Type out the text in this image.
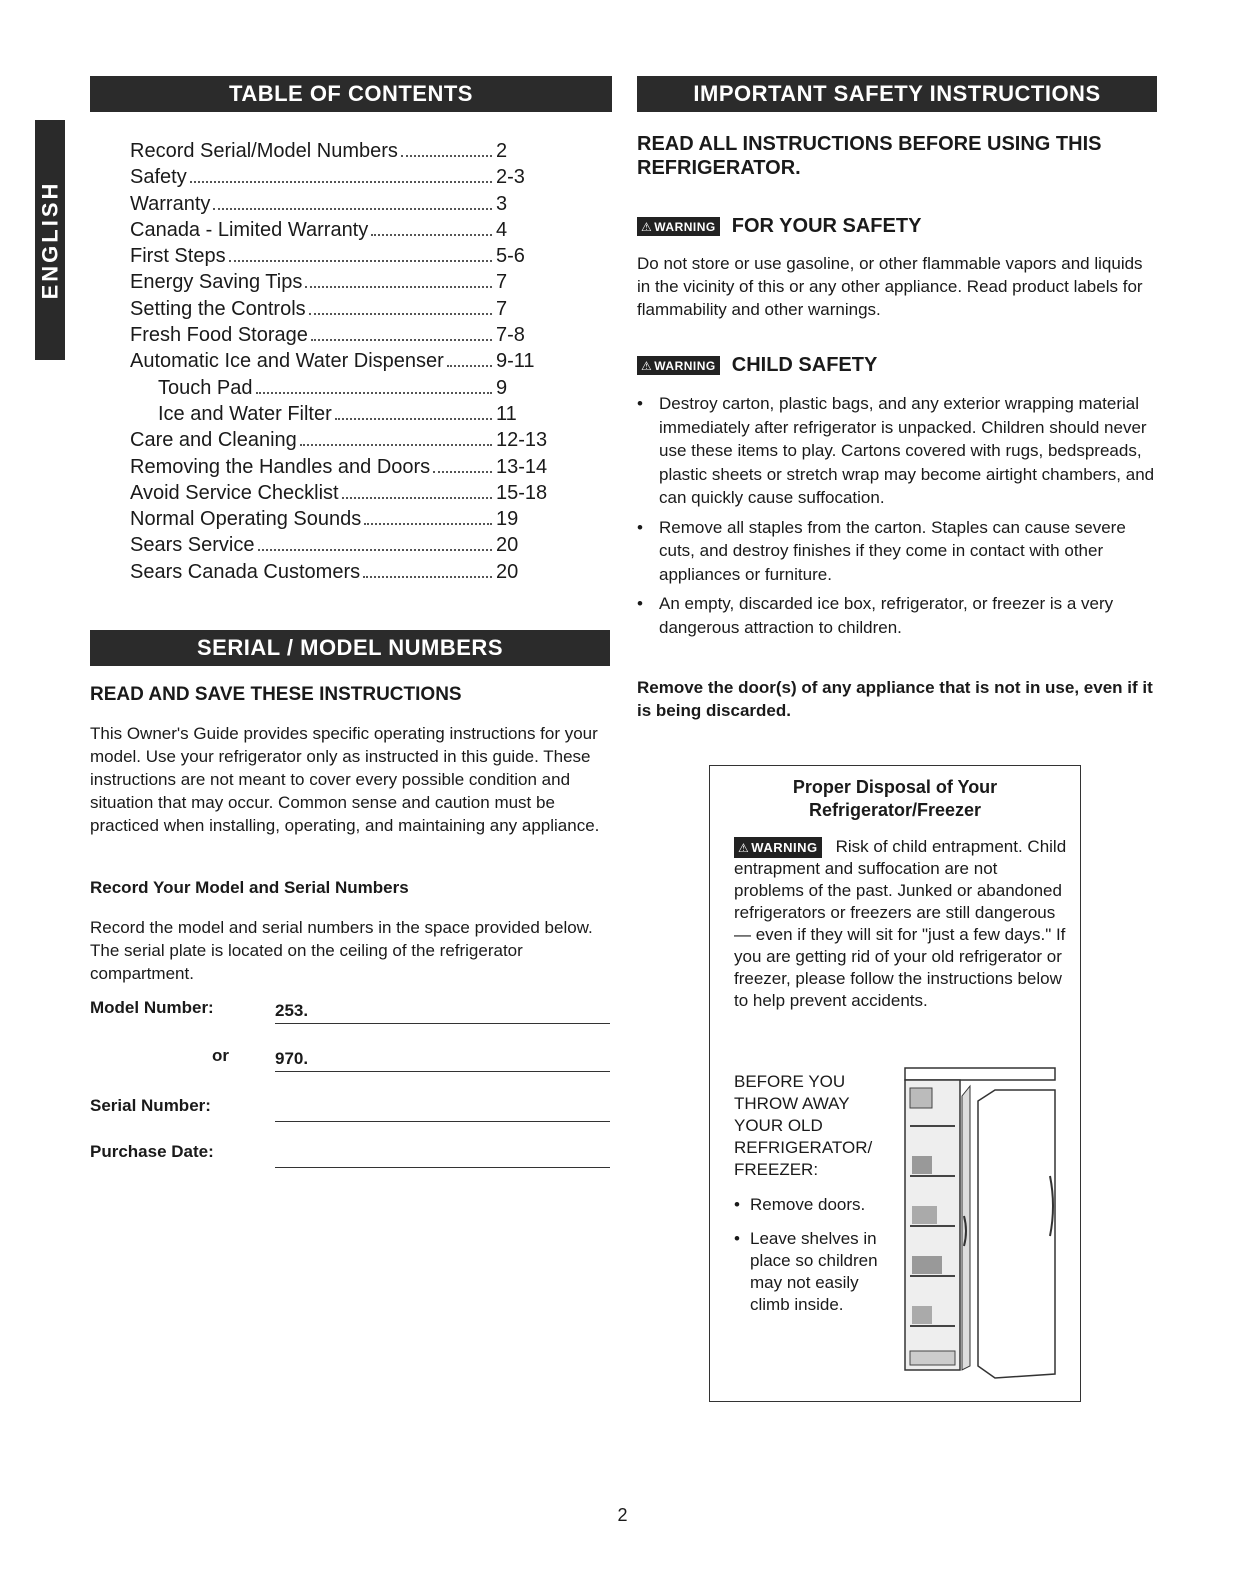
ENGLISH
TABLE OF CONTENTS
Record Serial/Model Numbers	2
Safety	2-3
Warranty	3
Canada - Limited Warranty	4
First Steps	5-6
Energy Saving Tips	7
Setting the Controls	7
Fresh Food Storage	7-8
Automatic Ice and Water Dispenser	9-11
Touch Pad	9
Ice and Water Filter	11
Care and Cleaning	12-13
Removing the Handles and Doors	13-14
Avoid Service Checklist	15-18
Normal Operating Sounds	19
Sears Service	20
Sears Canada Customers	20
SERIAL / MODEL NUMBERS
READ AND SAVE THESE INSTRUCTIONS
This Owner's Guide provides specific operating instructions for your model. Use your refrigerator only as instructed in this guide. These instructions are not meant to cover every possible condition and situation that may occur. Common sense and caution must be practiced when installing, operating, and maintaining any appliance.
Record Your Model and Serial Numbers
Record the model and serial numbers in the space provided below. The serial plate is located on the ceiling of the refrigerator compartment.
Model Number:	253.
or	970.
Serial Number:
Purchase Date:
IMPORTANT SAFETY INSTRUCTIONS
READ ALL INSTRUCTIONS BEFORE USING THIS REFRIGERATOR.
⚠ WARNING FOR YOUR SAFETY
Do not store or use gasoline, or other flammable vapors and liquids in the vicinity of this or any other appliance. Read product labels for flammability and other warnings.
⚠ WARNING CHILD SAFETY
• Destroy carton, plastic bags, and any exterior wrapping material immediately after refrigerator is unpacked. Children should never use these items to play. Cartons covered with rugs, bedspreads, plastic sheets or stretch wrap may become airtight chambers, and can quickly cause suffocation.
• Remove all staples from the carton. Staples can cause severe cuts, and destroy finishes if they come in contact with other appliances or furniture.
• An empty, discarded ice box, refrigerator, or freezer is a very dangerous attraction to children.
Remove the door(s) of any appliance that is not in use, even if it is being discarded.
Proper Disposal of Your
Refrigerator/Freezer
⚠ WARNING Risk of child entrapment. Child entrapment and suffocation are not problems of the past. Junked or abandoned refrigerators or freezers are still dangerous — even if they will sit for "just a few days." If you are getting rid of your old refrigerator or freezer, please follow the instructions below to help prevent accidents.
BEFORE YOU THROW AWAY YOUR OLD REFRIGERATOR/ FREEZER:
• Remove doors.
• Leave shelves in place so children may not easily climb inside.
2
